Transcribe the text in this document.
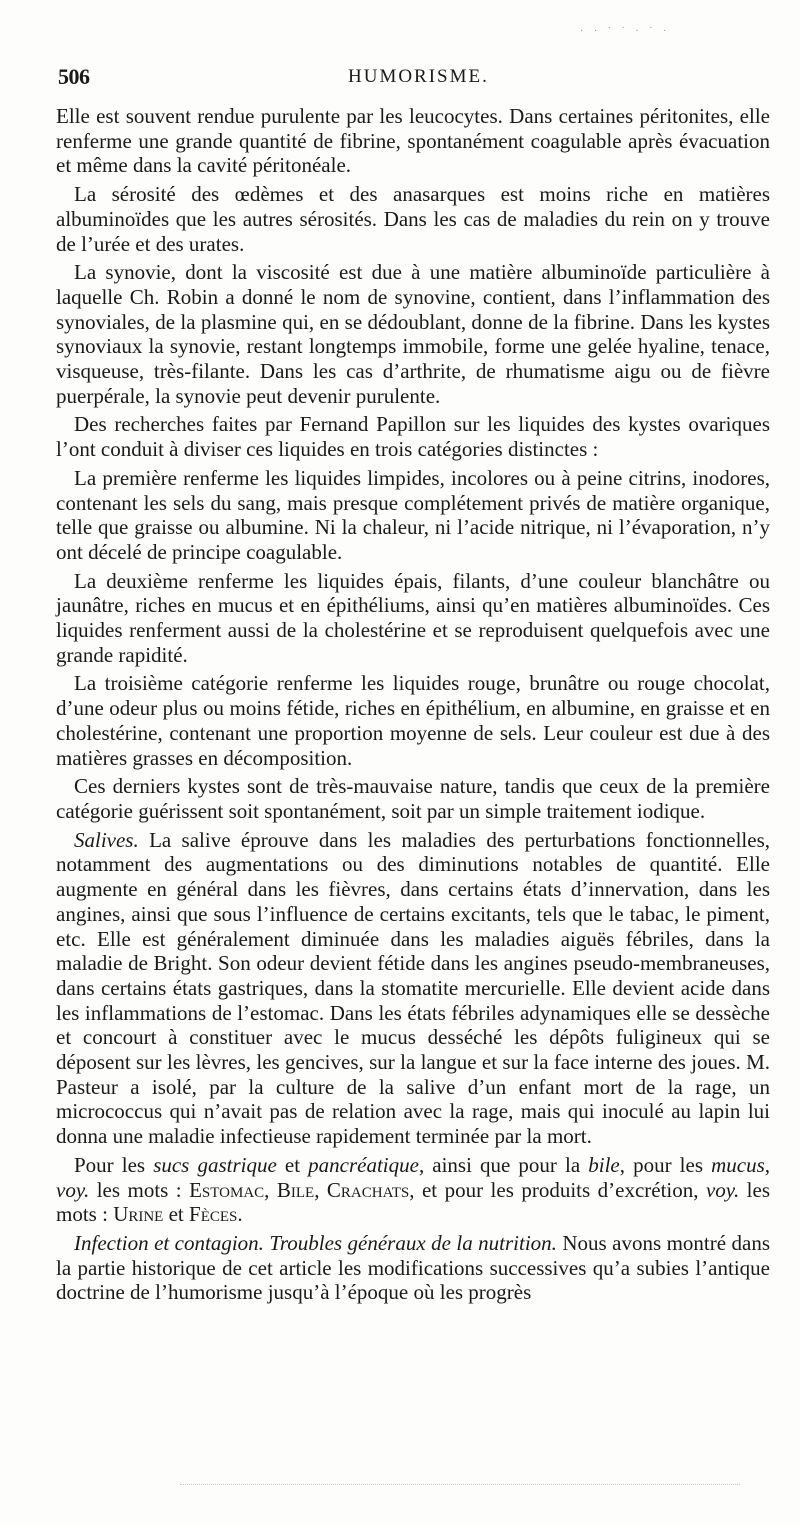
· · ˙ ˙ · ˙ ·
506	HUMORISME.

Elle est souvent rendue purulente par les leucocytes. Dans certaines péritonites, elle renferme une grande quantité de fibrine, spontanément coagulable après évacuation et même dans la cavité péritonéale.

La sérosité des œdèmes et des anasarques est moins riche en matières albuminoïdes que les autres sérosités. Dans les cas de maladies du rein on y trouve de l’urée et des urates.

La synovie, dont la viscosité est due à une matière albuminoïde particulière à laquelle Ch. Robin a donné le nom de synovine, contient, dans l’inflammation des synoviales, de la plasmine qui, en se dédoublant, donne de la fibrine. Dans les kystes synoviaux la synovie, restant longtemps immobile, forme une gelée hyaline, tenace, visqueuse, très-filante. Dans les cas d’arthrite, de rhumatisme aigu ou de fièvre puerpérale, la synovie peut devenir purulente.

Des recherches faites par Fernand Papillon sur les liquides des kystes ovariques l’ont conduit à diviser ces liquides en trois catégories distinctes :

La première renferme les liquides limpides, incolores ou à peine citrins, inodores, contenant les sels du sang, mais presque complétement privés de matière organique, telle que graisse ou albumine. Ni la chaleur, ni l’acide nitrique, ni l’évaporation, n’y ont décelé de principe coagulable.

La deuxième renferme les liquides épais, filants, d’une couleur blanchâtre ou jaunâtre, riches en mucus et en épithéliums, ainsi qu’en matières albuminoïdes. Ces liquides renferment aussi de la cholestérine et se reproduisent quelquefois avec une grande rapidité.

La troisième catégorie renferme les liquides rouge, brunâtre ou rouge chocolat, d’une odeur plus ou moins fétide, riches en épithélium, en albumine, en graisse et en cholestérine, contenant une proportion moyenne de sels. Leur couleur est due à des matières grasses en décomposition.

Ces derniers kystes sont de très-mauvaise nature, tandis que ceux de la première catégorie guérissent soit spontanément, soit par un simple traitement iodique.

Salives. La salive éprouve dans les maladies des perturbations fonctionnelles, notamment des augmentations ou des diminutions notables de quantité. Elle augmente en général dans les fièvres, dans certains états d’innervation, dans les angines, ainsi que sous l’influence de certains excitants, tels que le tabac, le piment, etc. Elle est généralement diminuée dans les maladies aiguës fébriles, dans la maladie de Bright. Son odeur devient fétide dans les angines pseudo-membraneuses, dans certains états gastriques, dans la stomatite mercurielle. Elle devient acide dans les inflammations de l’estomac. Dans les états fébriles adynamiques elle se dessèche et concourt à constituer avec le mucus desséché les dépôts fuligineux qui se déposent sur les lèvres, les gencives, sur la langue et sur la face interne des joues. M. Pasteur a isolé, par la culture de la salive d’un enfant mort de la rage, un micrococcus qui n’avait pas de relation avec la rage, mais qui inoculé au lapin lui donna une maladie infectieuse rapidement terminée par la mort.

Pour les sucs gastrique et pancréatique, ainsi que pour la bile, pour les mucus, voy. les mots : Estomac, Bile, Crachats, et pour les produits d’excrétion, voy. les mots : Urine et Fèces.

Infection et contagion. Troubles généraux de la nutrition. Nous avons montré dans la partie historique de cet article les modifications successives qu’a subies l’antique doctrine de l’humorisme jusqu’à l’époque où les progrès
